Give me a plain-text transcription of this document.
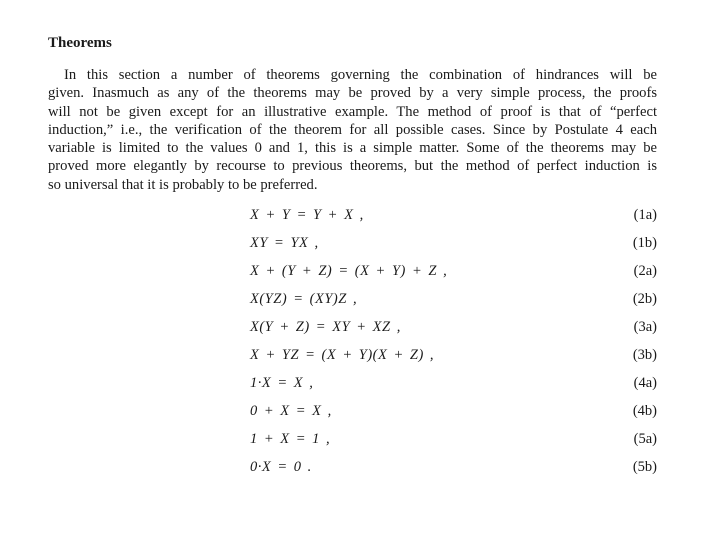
Theorems
In this section a number of theorems governing the combination of hindrances will be
given. Inasmuch as any of the theorems may be proved by a very simple process, the proofs
will not be given except for an illustrative example. The method of proof is that of “perfect
induction,” i.e., the verification of the theorem for all possible cases. Since by Postulate 4 each
variable is limited to the values 0 and 1, this is a simple matter. Some of the theorems may be
proved more elegantly by recourse to previous theorems, but the method of perfect induction is
so universal that it is probably to be preferred.
X + Y = Y + X ,	(1a)
XY = YX ,	(1b)
X + (Y + Z) = (X + Y) + Z ,	(2a)
X(YZ) = (XY)Z ,	(2b)
X(Y + Z) = XY + XZ ,	(3a)
X + YZ = (X + Y)(X + Z) ,	(3b)
1·X = X ,	(4a)
0 + X = X ,	(4b)
1 + X = 1 ,	(5a)
0·X = 0 .	(5b)
